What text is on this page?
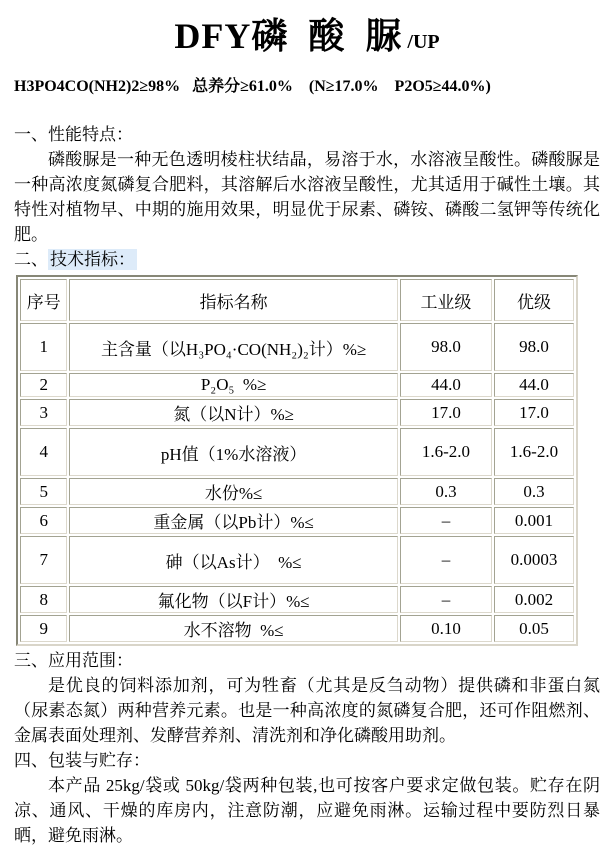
DFY磷 酸 脲/UP

H3PO4CO(NH2)2≥98%   总养分≥61.0%    (N≥17.0%    P2O5≥44.0%)

一、性能特点：

磷酸脲是一种无色透明棱柱状结晶，易溶于水，水溶液呈酸性。磷酸脲是一种高浓度氮磷复合肥料，其溶解后水溶液呈酸性，尤其适用于碱性土壤。其特性对植物早、中期的施用效果，明显优于尿素、磷铵、磷酸二氢钾等传统化肥。

二、 技术指标：

序号	指标名称	工业级	优级
1	主含量（以H₃PO₄·CO(NH₂)₂计）%≥	98.0	98.0
2	P₂O₅  %≥	44.0	44.0
3	氮（以N计）%≥	17.0	17.0
4	pH值（1%水溶液）	1.6-2.0	1.6-2.0
5	水份%≤	0.3	0.3
6	重金属（以Pb计）%≤	–	0.001
7	砷（以As计）  %≤	–	0.0003
8	氟化物（以F计）%≤	–	0.002
9	水不溶物  %≤	0.10	0.05

三、应用范围：

是优良的饲料添加剂，可为牲畜（尤其是反刍动物）提供磷和非蛋白氮（尿素态氮）两种营养元素。也是一种高浓度的氮磷复合肥，还可作阻燃剂、金属表面处理剂、发酵营养剂、清洗剂和净化磷酸用助剂。

四、包装与贮存：

本产品 25kg/袋或 50kg/袋两种包装,也可按客户要求定做包装。贮存在阴凉、通风、干燥的库房内，注意防潮，应避免雨淋。运输过程中要防烈日暴晒，避免雨淋。
